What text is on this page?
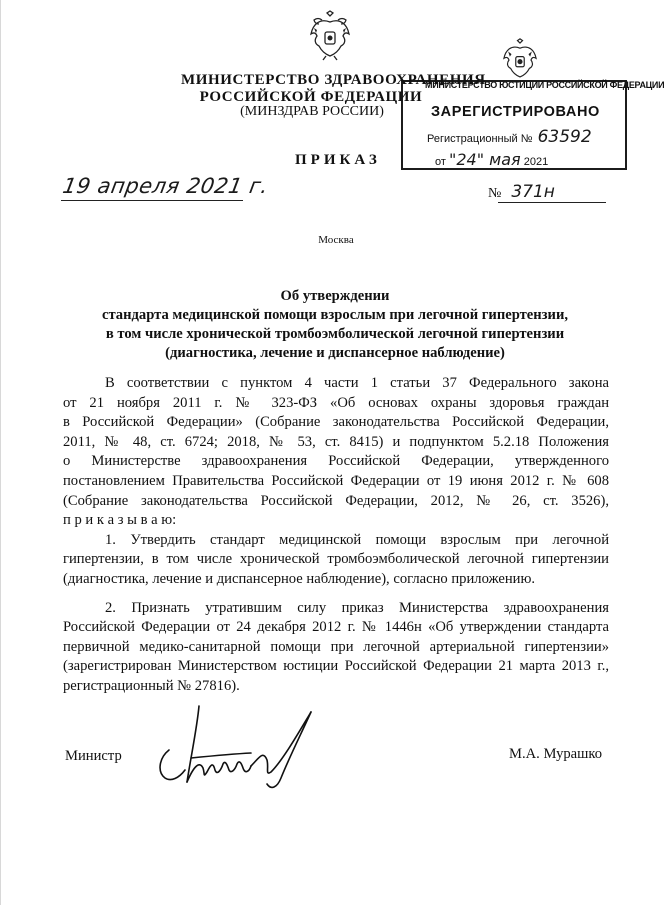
МИНИСТЕРСТВО ЮСТИЦИИ РОССИЙСКОЙ ФЕДЕРАЦИИ
ЗАРЕГИСТРИРОВАНО
Регистрационный № 63592
от "24" мая 2021
МИНИСТЕРСТВО ЗДРАВООХРАНЕНИЯ
РОССИЙСКОЙ ФЕДЕРАЦИИ
(МИНЗДРАВ РОССИИ)
ПРИКАЗ
19 апреля 2021 г.	№ 371н
Москва
Об утверждении
стандарта медицинской помощи взрослым при легочной гипертензии,
в том числе хронической тромбоэмболической легочной гипертензии
(диагностика, лечение и диспансерное наблюдение)
В соответствии с пунктом 4 части 1 статьи 37 Федерального закона
от 21 ноября 2011 г. № 323-ФЗ «Об основах охраны здоровья граждан
в Российской Федерации» (Собрание законодательства Российской Федерации,
2011, № 48, ст. 6724; 2018, № 53, ст. 8415) и подпунктом 5.2.18 Положения
о Министерстве здравоохранения Российской Федерации, утвержденного
постановлением Правительства Российской Федерации от 19 июня 2012 г. № 608
(Собрание законодательства Российской Федерации, 2012, № 26, ст. 3526),
п р и к а з ы в а ю:
1. Утвердить стандарт медицинской помощи взрослым при легочной
гипертензии, в том числе хронической тромбоэмболической легочной гипертензии
(диагностика, лечение и диспансерное наблюдение), согласно приложению.
2. Признать утратившим силу приказ Министерства здравоохранения
Российской Федерации от 24 декабря 2012 г. № 1446н «Об утверждении стандарта
первичной медико-санитарной помощи при легочной артериальной гипертензии»
(зарегистрирован Министерством юстиции Российской Федерации 21 марта 2013 г.,
регистрационный № 27816).
Министр	М.А. Мурашко
